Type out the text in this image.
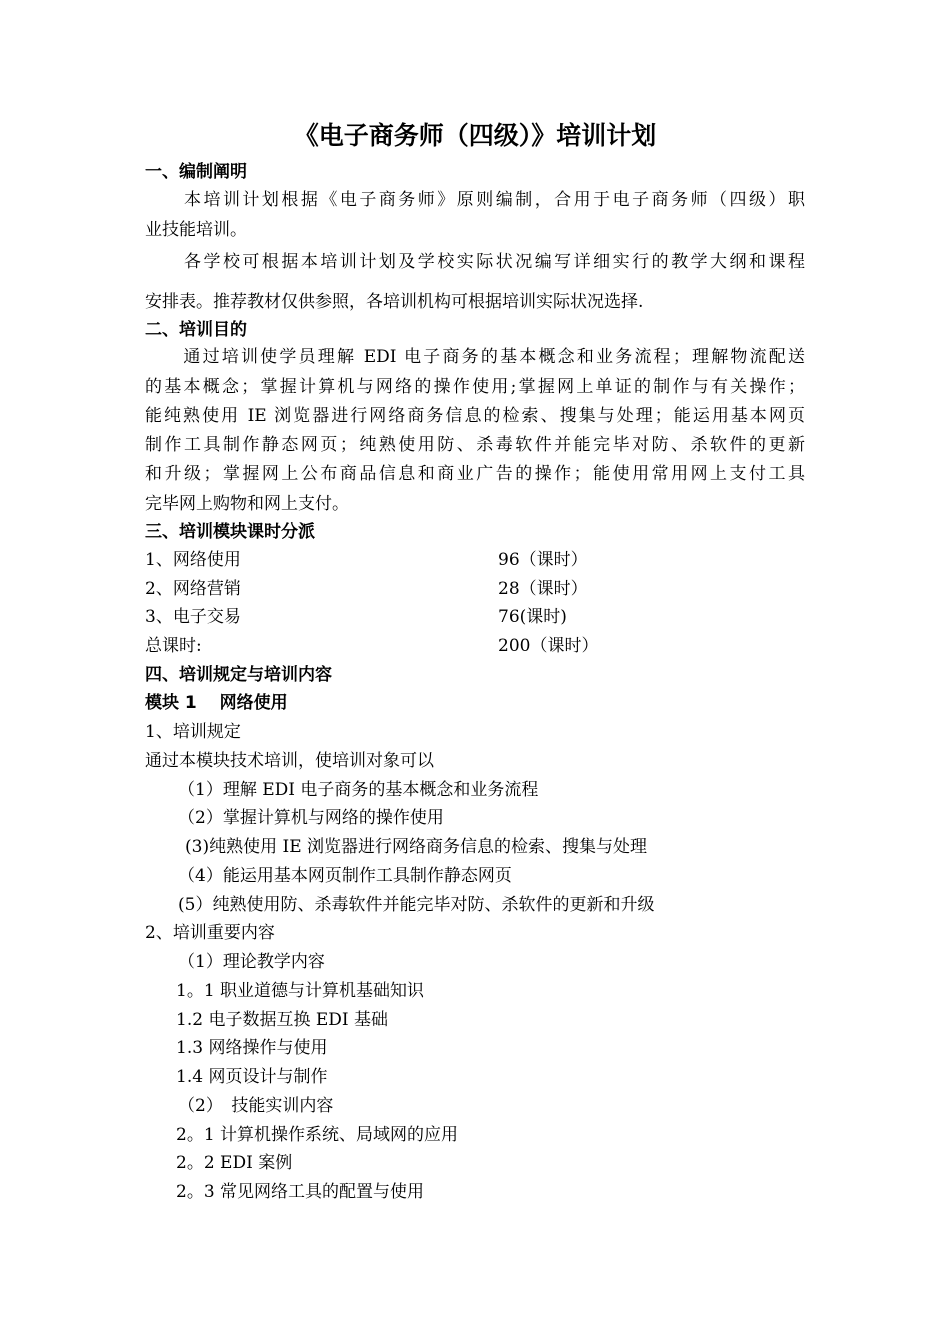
《电子商务师（四级）》培训计划
一、编制阐明
　　本培训计划根据《电子商务师》原则编制，合用于电子商务师（四级）职
业技能培训。
　　各学校可根据本培训计划及学校实际状况编写详细实行的教学大纲和课程
安排表。推荐教材仅供参照，各培训机构可根据培训实际状况选择.
二、培训目的
　　通过培训使学员理解 EDI 电子商务的基本概念和业务流程；理解物流配送
的基本概念；掌握计算机与网络的操作使用;掌握网上单证的制作与有关操作；
能纯熟使用 IE 浏览器进行网络商务信息的检索、搜集与处理；能运用基本网页
制作工具制作静态网页；纯熟使用防、杀毒软件并能完毕对防、杀软件的更新
和升级；掌握网上公布商品信息和商业广告的操作；能使用常用网上支付工具
完毕网上购物和网上支付。
三、培训模块课时分派
1、网络使用	96（课时）
2、网络营销	28（课时）
3、电子交易	76(课时)
总课时:	200（课时）
四、培训规定与培训内容
模块 1　 网络使用
1、培训规定
通过本模块技术培训，使培训对象可以
（1）理解 EDI 电子商务的基本概念和业务流程
（2）掌握计算机与网络的操作使用
(3)纯熟使用 IE 浏览器进行网络商务信息的检索、搜集与处理
（4）能运用基本网页制作工具制作静态网页
(5）纯熟使用防、杀毒软件并能完毕对防、杀软件的更新和升级
2、培训重要内容
（1）理论教学内容
1。1 职业道德与计算机基础知识
1.2 电子数据互换 EDI 基础
1.3 网络操作与使用
1.4 网页设计与制作
（2）　技能实训内容
2。1 计算机操作系统、局域网的应用
2。2 EDI 案例
2。3 常见网络工具的配置与使用
